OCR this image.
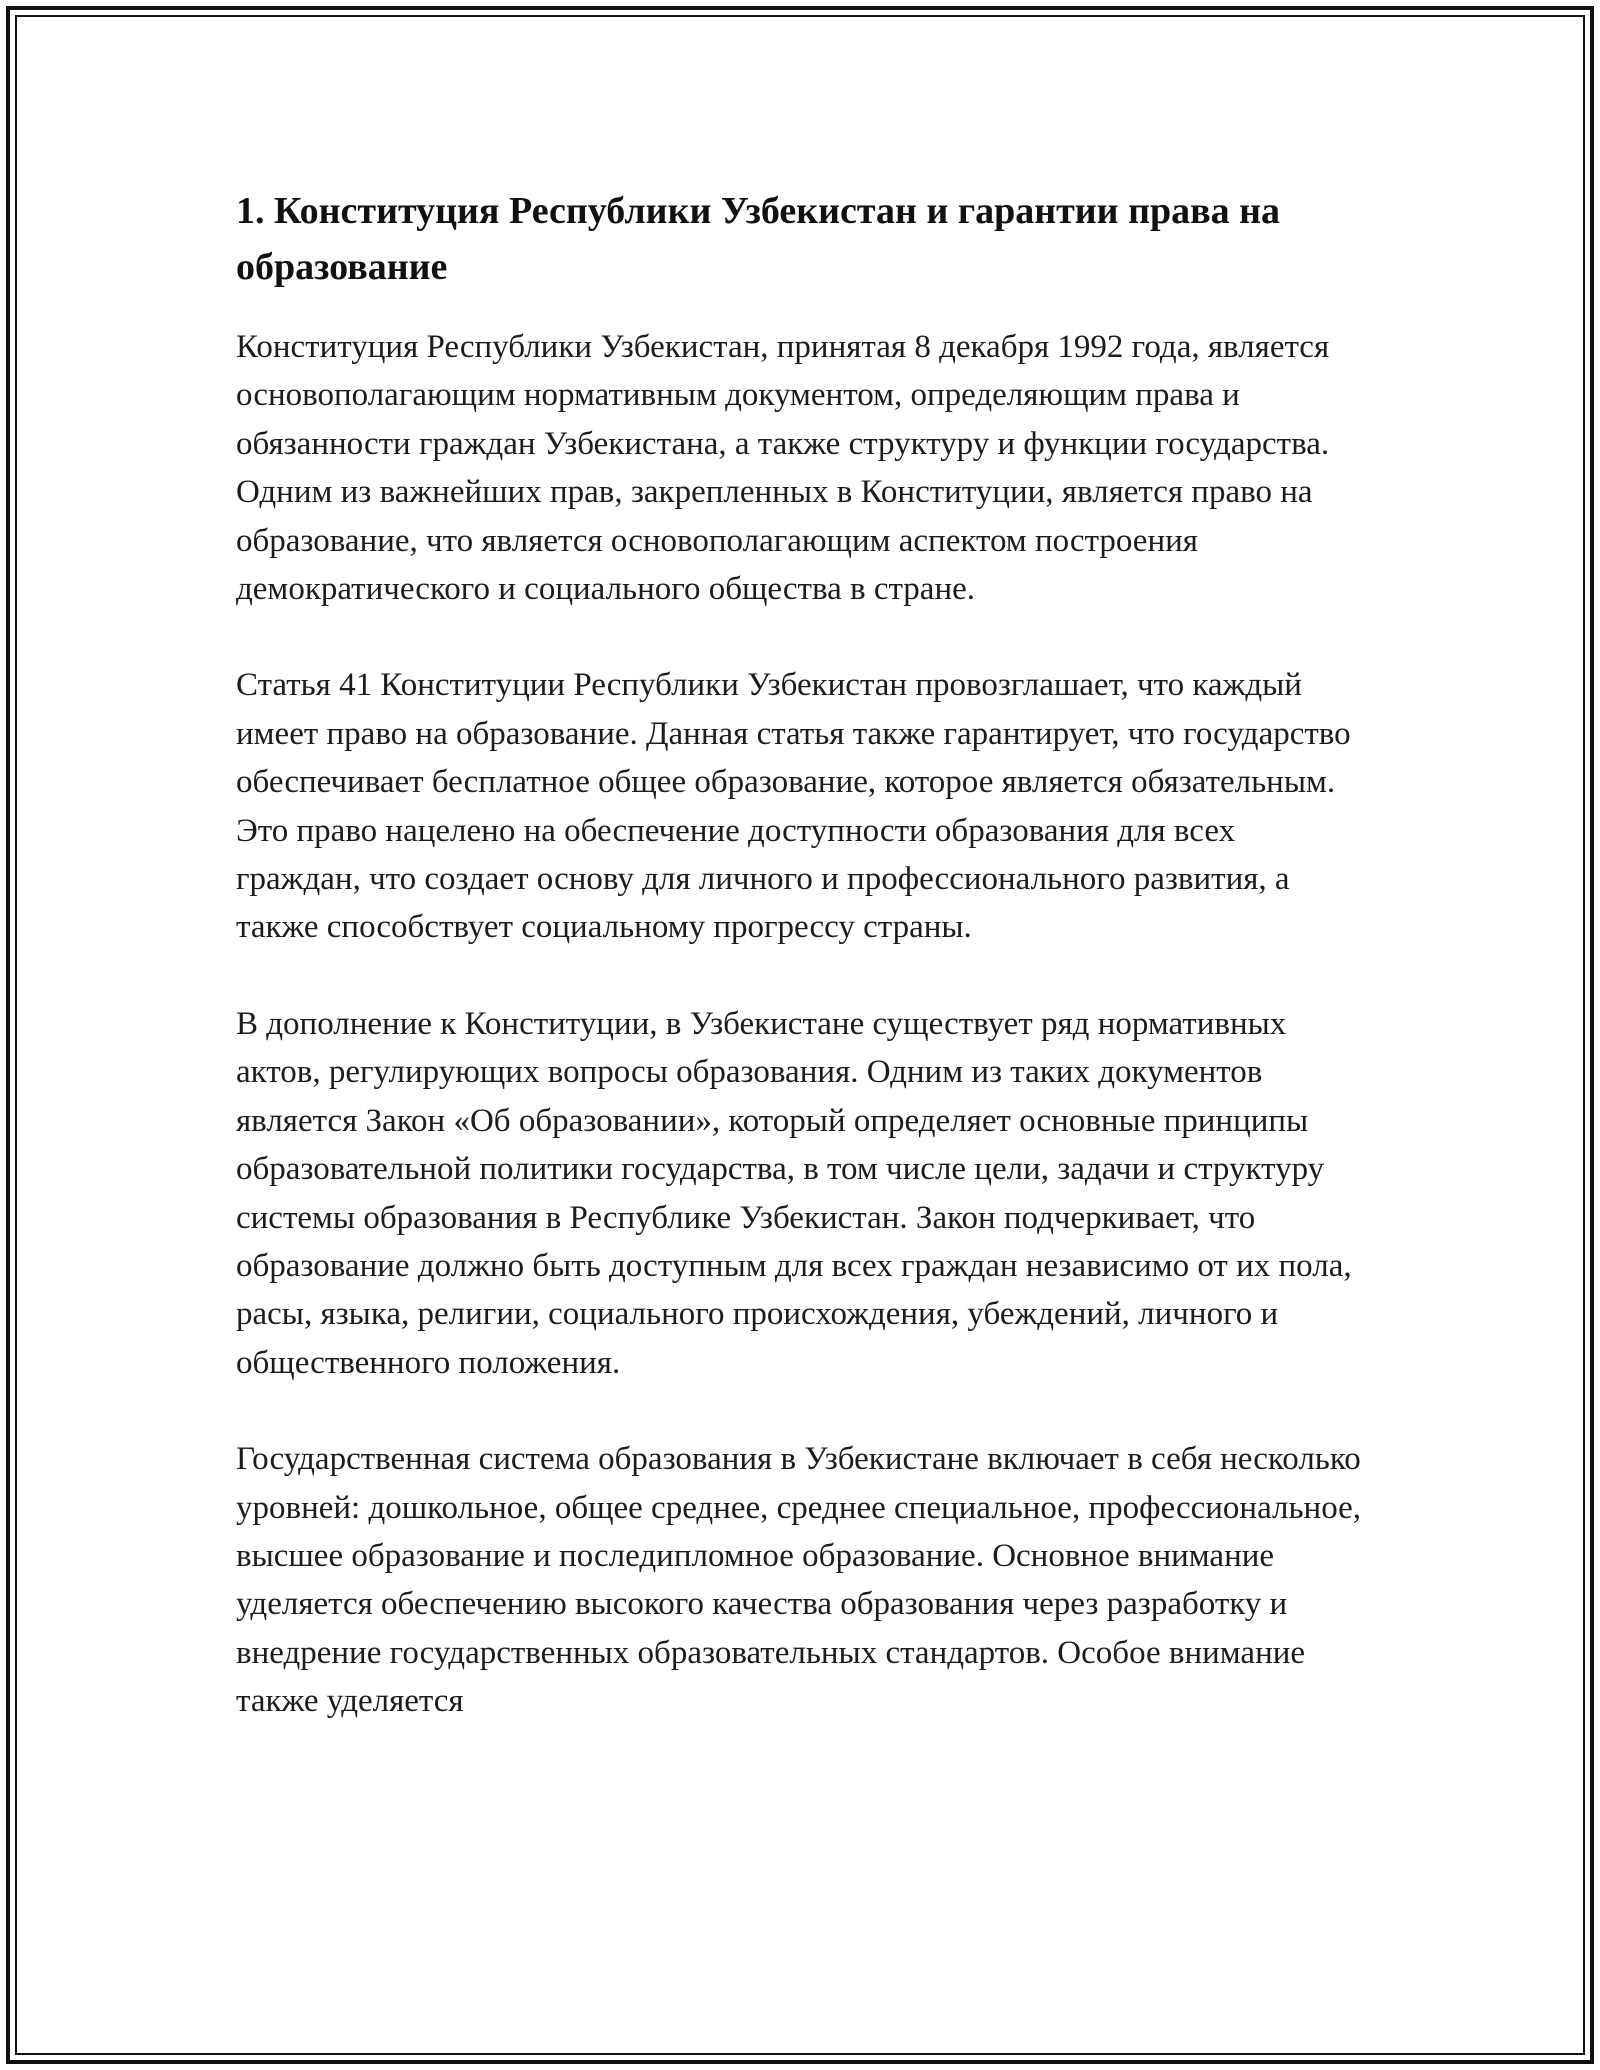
1. Конституция Республики Узбекистан и гарантии права на образование

Конституция Республики Узбекистан, принятая 8 декабря 1992 года, является основополагающим нормативным документом, определяющим права и обязанности граждан Узбекистана, а также структуру и функции государства. Одним из важнейших прав, закрепленных в Конституции, является право на образование, что является основополагающим аспектом построения демократического и социального общества в стране.

Статья 41 Конституции Республики Узбекистан провозглашает, что каждый имеет право на образование. Данная статья также гарантирует, что государство обеспечивает бесплатное общее образование, которое является обязательным. Это право нацелено на обеспечение доступности образования для всех граждан, что создает основу для личного и профессионального развития, а также способствует социальному прогрессу страны.

В дополнение к Конституции, в Узбекистане существует ряд нормативных актов, регулирующих вопросы образования. Одним из таких документов является Закон «Об образовании», который определяет основные принципы образовательной политики государства, в том числе цели, задачи и структуру системы образования в Республике Узбекистан. Закон подчеркивает, что образование должно быть доступным для всех граждан независимо от их пола, расы, языка, религии, социального происхождения, убеждений, личного и общественного положения.

Государственная система образования в Узбекистане включает в себя несколько уровней: дошкольное, общее среднее, среднее специальное, профессиональное, высшее образование и последипломное образование. Основное внимание уделяется обеспечению высокого качества образования через разработку и внедрение государственных образовательных стандартов. Особое внимание также уделяется
